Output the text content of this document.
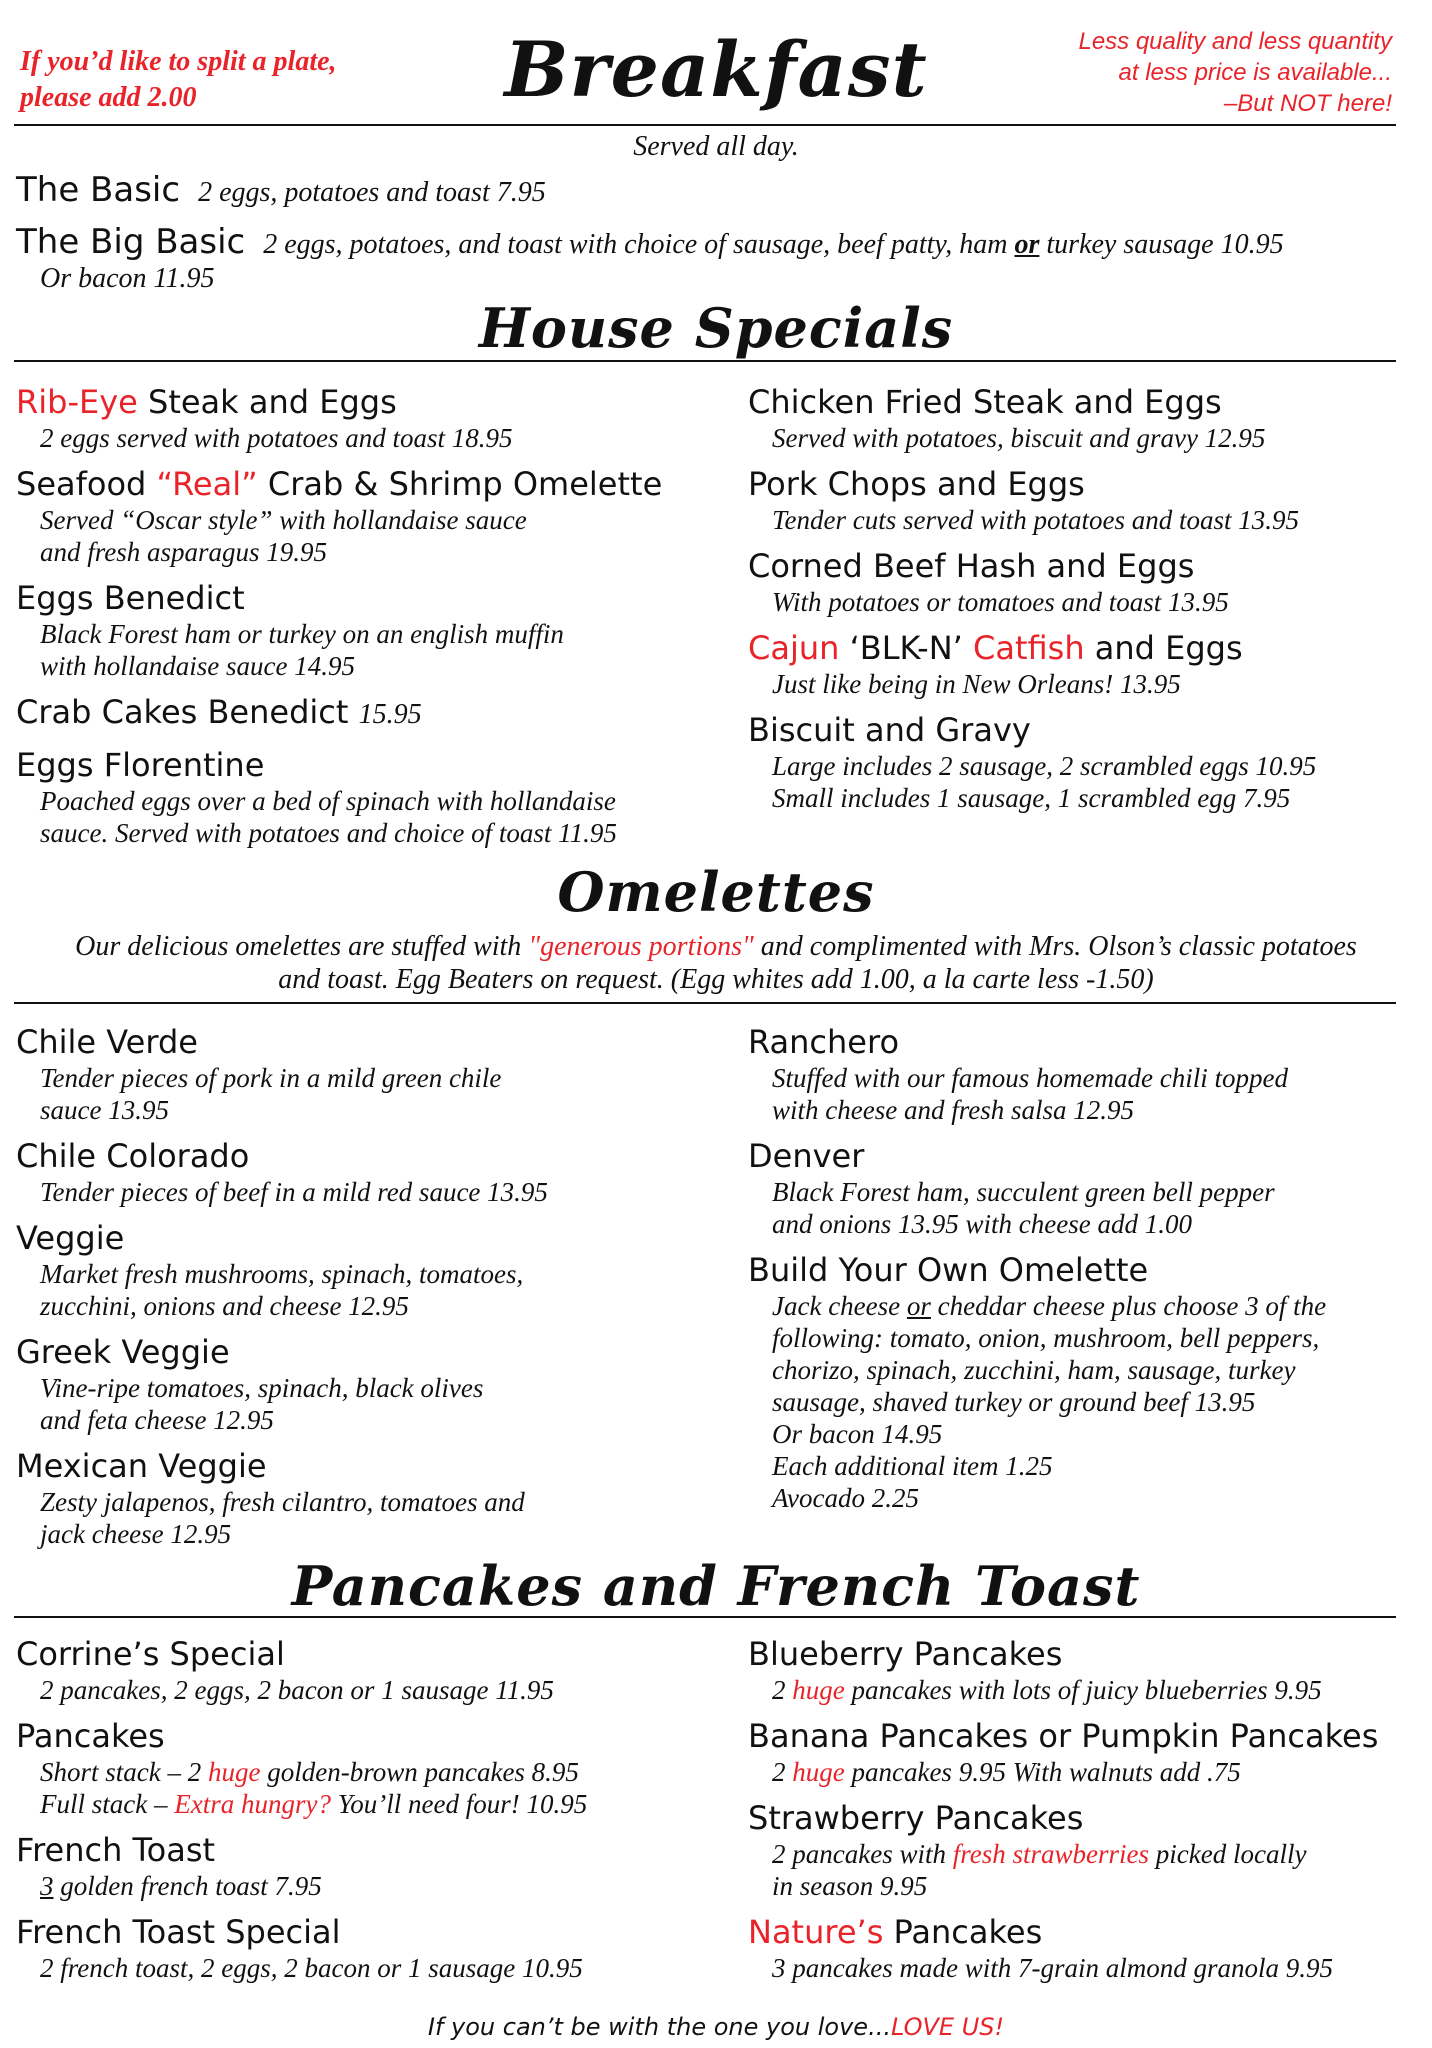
If you’d like to split a plate, please add 2.00	Breakfast	Less quality and less quantity
at less price is available...
–But NOT here!
Served all day.
The Basic 2 eggs, potatoes and toast 7.95
The Big Basic 2 eggs, potatoes, and toast with choice of sausage, beef patty, ham or turkey sausage 10.95
Or bacon 11.95
House Specials
Rib-Eye Steak and Eggs
2 eggs served with potatoes and toast 18.95
Seafood “Real” Crab & Shrimp Omelette
Served “Oscar style” with hollandaise sauce
and fresh asparagus 19.95
Eggs Benedict
Black Forest ham or turkey on an english muffin
with hollandaise sauce 14.95
Crab Cakes Benedict 15.95
Eggs Florentine
Poached eggs over a bed of spinach with hollandaise
sauce. Served with potatoes and choice of toast 11.95
Chicken Fried Steak and Eggs
Served with potatoes, biscuit and gravy 12.95
Pork Chops and Eggs
Tender cuts served with potatoes and toast 13.95
Corned Beef Hash and Eggs
With potatoes or tomatoes and toast 13.95
Cajun ‘BLK-N’ Catfish and Eggs
Just like being in New Orleans! 13.95
Biscuit and Gravy
Large includes 2 sausage, 2 scrambled eggs 10.95
Small includes 1 sausage, 1 scrambled egg 7.95
Omelettes
Our delicious omelettes are stuffed with "generous portions" and complimented with Mrs. Olson’s classic potatoes and toast. Egg Beaters on request. (Egg whites add 1.00, a la carte less -1.50)
Chile Verde
Tender pieces of pork in a mild green chile
sauce 13.95
Chile Colorado
Tender pieces of beef in a mild red sauce 13.95
Veggie
Market fresh mushrooms, spinach, tomatoes,
zucchini, onions and cheese 12.95
Greek Veggie
Vine-ripe tomatoes, spinach, black olives
and feta cheese 12.95
Mexican Veggie
Zesty jalapenos, fresh cilantro, tomatoes and
jack cheese 12.95
Ranchero
Stuffed with our famous homemade chili topped
with cheese and fresh salsa 12.95
Denver
Black Forest ham, succulent green bell pepper
and onions 13.95 with cheese add 1.00
Build Your Own Omelette
Jack cheese or cheddar cheese plus choose 3 of the
following: tomato, onion, mushroom, bell peppers,
chorizo, spinach, zucchini, ham, sausage, turkey
sausage, shaved turkey or ground beef 13.95
Or bacon 14.95
Each additional item 1.25
Avocado 2.25
Pancakes and French Toast
Corrine’s Special
2 pancakes, 2 eggs, 2 bacon or 1 sausage 11.95
Pancakes
Short stack – 2 huge golden-brown pancakes 8.95
Full stack – Extra hungry? You’ll need four! 10.95
French Toast
3 golden french toast 7.95
French Toast Special
2 french toast, 2 eggs, 2 bacon or 1 sausage 10.95
Blueberry Pancakes
2 huge pancakes with lots of juicy blueberries 9.95
Banana Pancakes or Pumpkin Pancakes
2 huge pancakes 9.95 With walnuts add .75
Strawberry Pancakes
2 pancakes with fresh strawberries picked locally
in season 9.95
Nature’s Pancakes
3 pancakes made with 7-grain almond granola 9.95
If you can’t be with the one you love...LOVE US!
